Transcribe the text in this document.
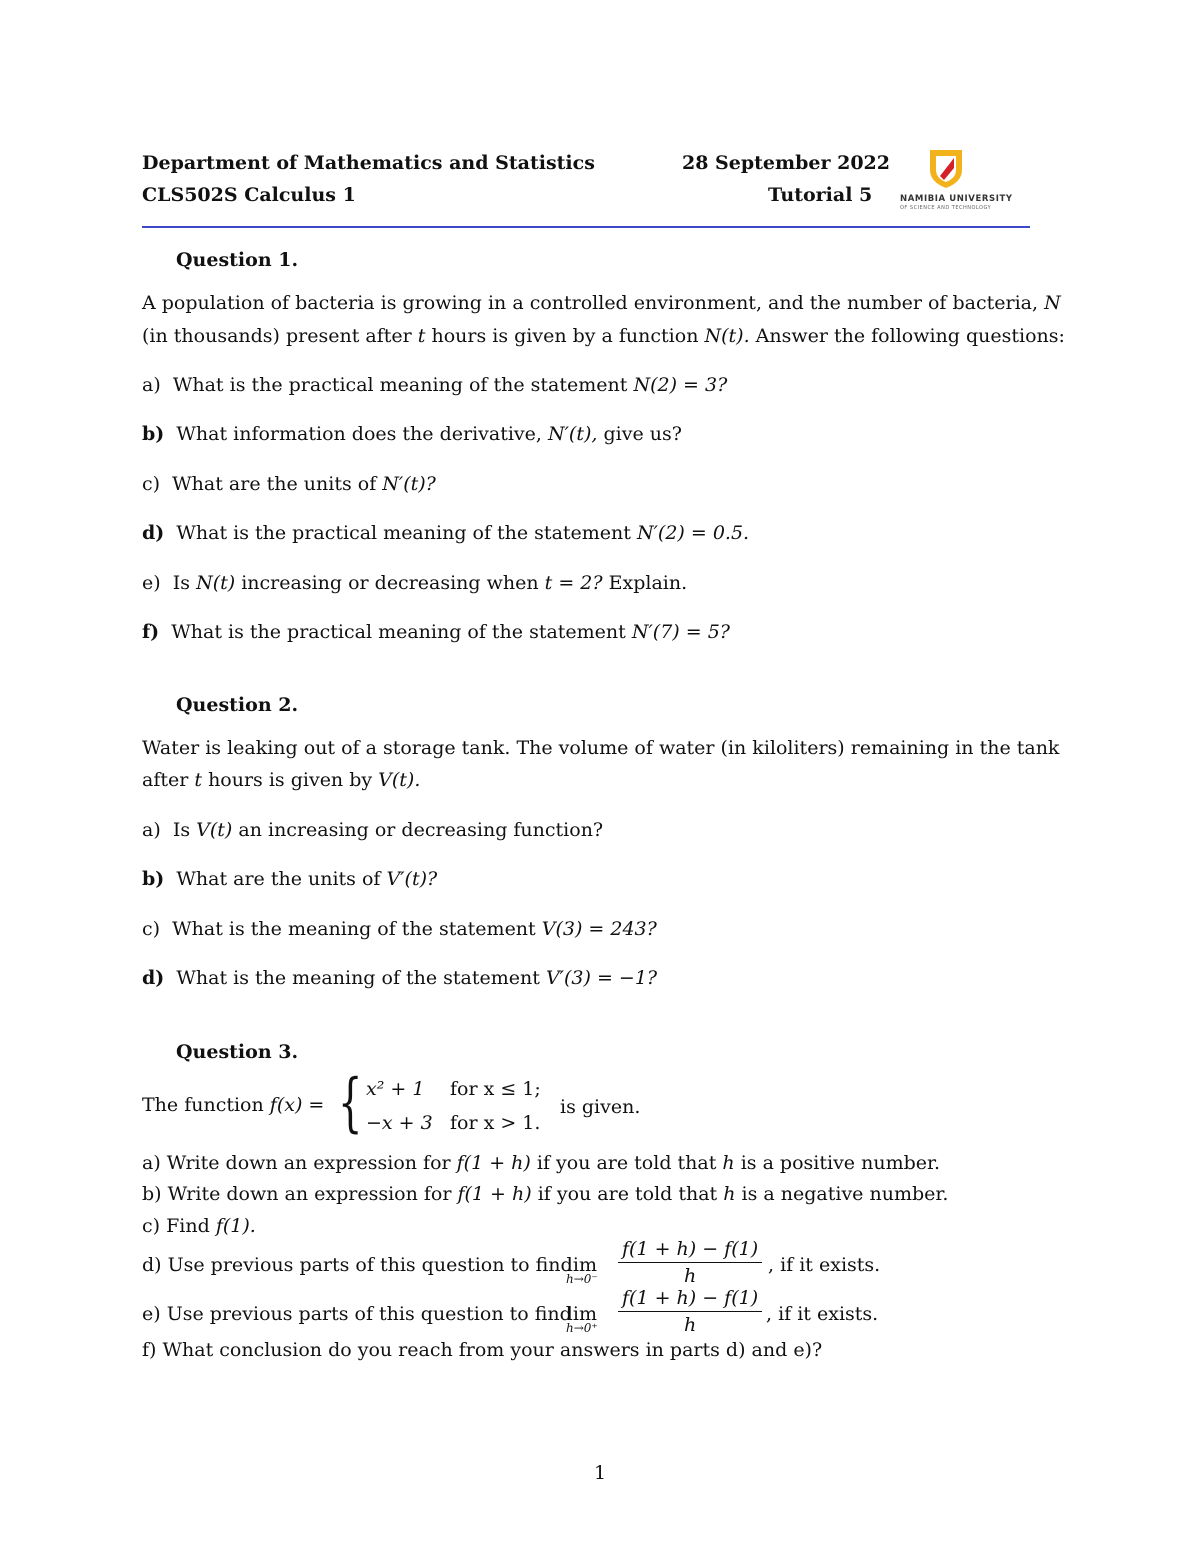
Department of Mathematics and Statistics	28 September 2022
CLS502S Calculus 1	Tutorial 5	NAMIBIA UNIVERSITY
OF SCIENCE AND TECHNOLOGY
Question 1.
A population of bacteria is growing in a controlled environment, and the number of bacteria, N
(in thousands) present after t hours is given by a function N(t). Answer the following questions:
a) What is the practical meaning of the statement N(2) = 3?
b) What information does the derivative, N′(t), give us?
c) What are the units of N′(t)?
d) What is the practical meaning of the statement N′(2) = 0.5.
e) Is N(t) increasing or decreasing when t = 2? Explain.
f) What is the practical meaning of the statement N′(7) = 5?
Question 2.
Water is leaking out of a storage tank. The volume of water (in kiloliters) remaining in the tank
after t hours is given by V(t).
a) Is V(t) an increasing or decreasing function?
b) What are the units of V′(t)?
c) What is the meaning of the statement V(3) = 243?
d) What is the meaning of the statement V′(3) = −1?
Question 3.
The function f(x) = { x² + 1 for x ≤ 1;
−x + 3 for x > 1.
is given.
a) Write down an expression for f(1 + h) if you are told that h is a positive number.
b) Write down an expression for f(1 + h) if you are told that h is a negative number.
c) Find f(1).
d) Use previous parts of this question to find
lim
$h\to 0^- \frac{f(1 + h) - f(1)}{h}$ , if it exists.
e) Use previous parts of this question to find
lim
$h\to 0^+ \frac{f(1 + h) - f(1)}{h}$ , if it exists.
f) What conclusion do you reach from your answers in parts d) and e)?
1
